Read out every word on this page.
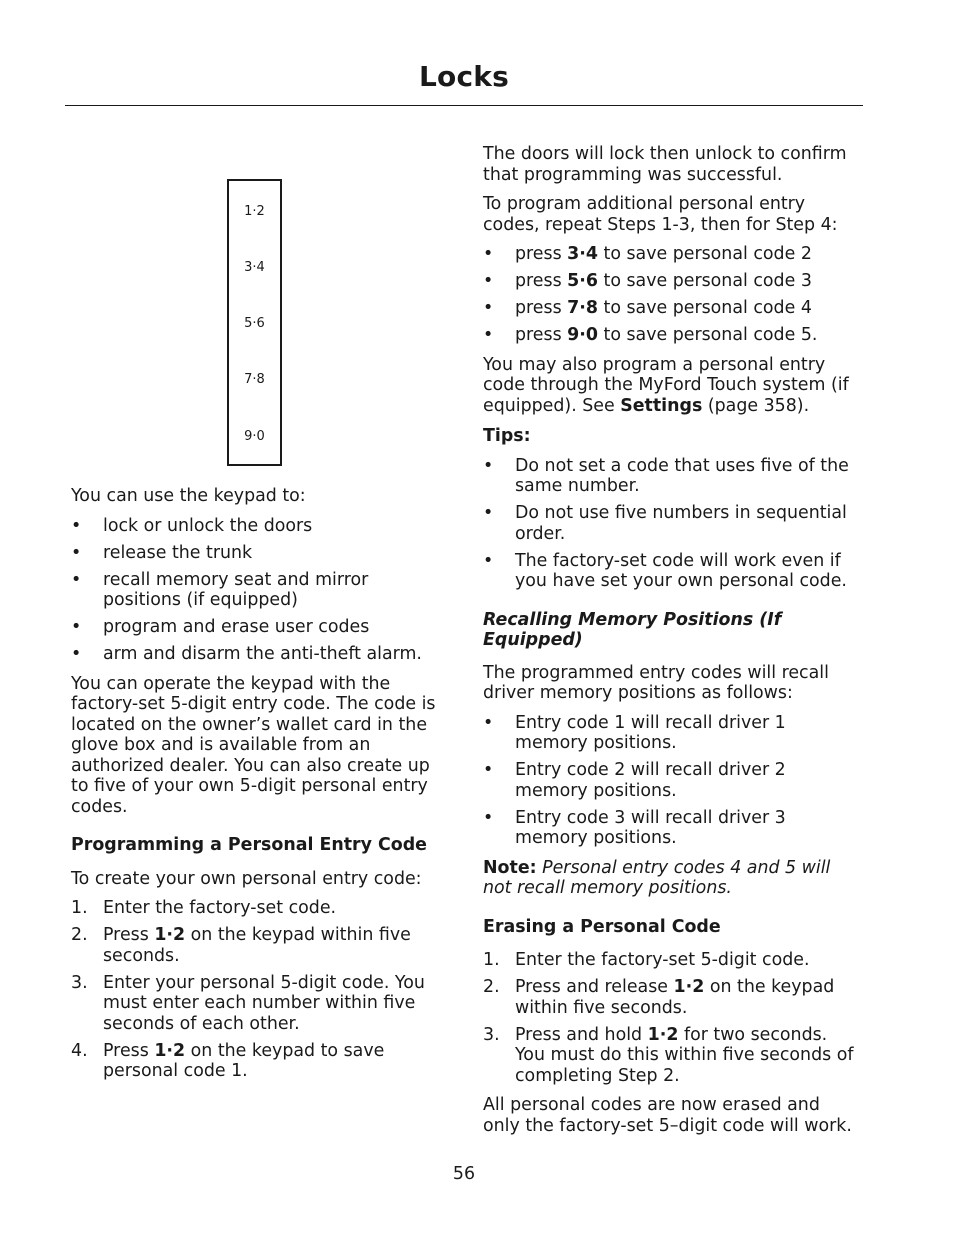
Locks
1·2
3·4
5·6
7·8
9·0

You can use the keypad to:

• lock or unlock the doors
• release the trunk
• recall memory seat and mirror positions (if equipped)
• program and erase user codes
• arm and disarm the anti-theft alarm.

You can operate the keypad with the factory-set 5-digit entry code. The code is located on the owner’s wallet card in the glove box and is available from an authorized dealer. You can also create up to five of your own 5-digit personal entry codes.

Programming a Personal Entry Code

To create your own personal entry code:

1. Enter the factory-set code.
2. Press 1·2 on the keypad within five seconds.
3. Enter your personal 5-digit code. You must enter each number within five seconds of each other.
4. Press 1·2 on the keypad to save personal code 1.

The doors will lock then unlock to confirm that programming was successful.

To program additional personal entry codes, repeat Steps 1-3, then for Step 4:

• press 3·4 to save personal code 2
• press 5·6 to save personal code 3
• press 7·8 to save personal code 4
• press 9·0 to save personal code 5.

You may also program a personal entry code through the MyFord Touch system (if equipped). See Settings (page 358).

Tips:
• Do not set a code that uses five of the same number.
• Do not use five numbers in sequential order.
• The factory-set code will work even if you have set your own personal code.
Recalling Memory Positions (If Equipped)

The programmed entry codes will recall driver memory positions as follows:

• Entry code 1 will recall driver 1 memory positions.
• Entry code 2 will recall driver 2 memory positions.
• Entry code 3 will recall driver 3 memory positions.

Note: Personal entry codes 4 and 5 will not recall memory positions.

Erasing a Personal Code
1. Enter the factory-set 5-digit code.
2. Press and release 1·2 on the keypad within five seconds.
3. Press and hold 1·2 for two seconds. You must do this within five seconds of completing Step 2.

All personal codes are now erased and only the factory-set 5–digit code will work.

56
